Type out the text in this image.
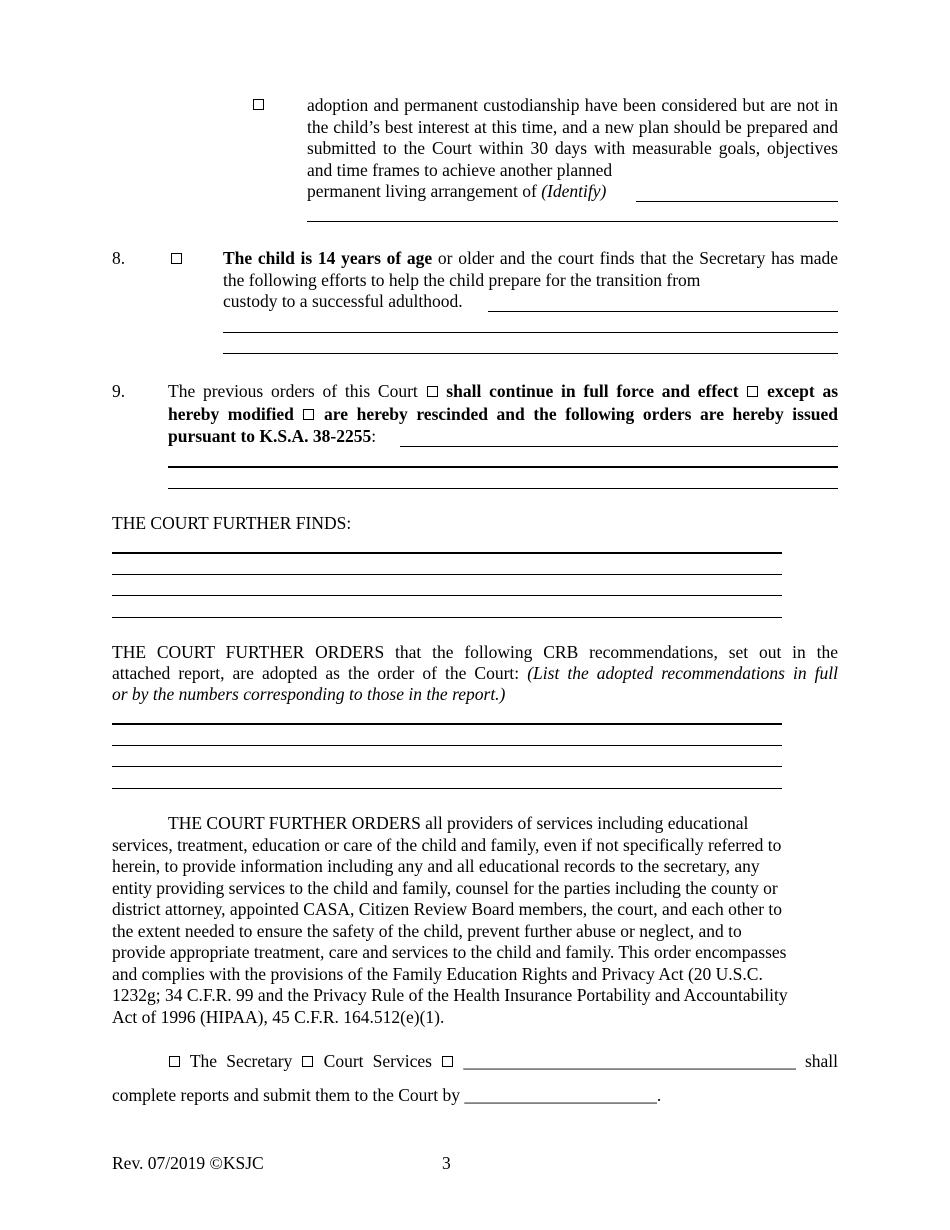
adoption and permanent custodianship have been considered but are not in the child’s best interest at this time, and a new plan should be prepared and submitted to the Court within 30 days with measurable goals, objectives and time frames to achieve another planned
permanent living arrangement of (Identify)
8.	The child is 14 years of age or older and the court finds that the Secretary has made the following efforts to help the child prepare for the transition from
custody to a successful adulthood.
9. The previous orders of this Court shall continue in full force and effect except as
hereby modified are hereby rescinded and the following orders are hereby issued
pursuant to K.S.A. 38-2255:
THE COURT FURTHER FINDS:
THE COURT FURTHER ORDERS that the following CRB recommendations, set out in the
attached report, are adopted as the order of the Court: (List the adopted recommendations in full
or by the numbers corresponding to those in the report.)
THE COURT FURTHER ORDERS all providers of services including educational
services, treatment, education or care of the child and family, even if not specifically referred to
herein, to provide information including any and all educational records to the secretary, any
entity providing services to the child and family, counsel for the parties including the county or
district attorney, appointed CASA, Citizen Review Board members, the court, and each other to
the extent needed to ensure the safety of the child, prevent further abuse or neglect, and to
provide appropriate treatment, care and services to the child and family. This order encompasses
and complies with the provisions of the Family Education Rights and Privacy Act (20 U.S.C.
1232g; 34 C.F.R. 99 and the Privacy Rule of the Health Insurance Portability and Accountability
Act of 1996 (HIPAA), 45 C.F.R. 164.512(e)(1).
The Secretary Court Services ______________________________________ shall
complete reports and submit them to the Court by ______________________.
Rev. 07/2019 ©KSJC	3
